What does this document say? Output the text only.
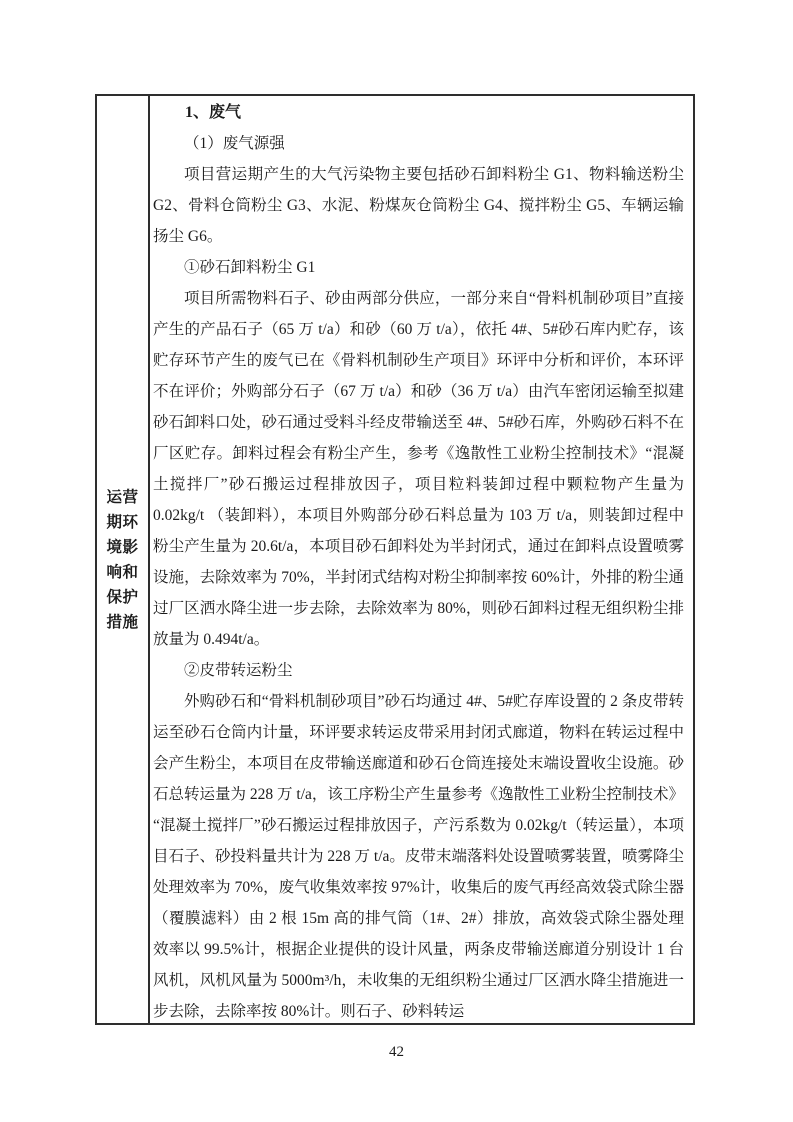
运营期环境影响和保护措施

1、废气

（1）废气源强

项目营运期产生的大气污染物主要包括砂石卸料粉尘 G1、物料输送粉尘 G2、骨料仓筒粉尘 G3、水泥、粉煤灰仓筒粉尘 G4、搅拌粉尘 G5、车辆运输扬尘 G6。

①砂石卸料粉尘 G1

项目所需物料石子、砂由两部分供应，一部分来自“骨料机制砂项目”直接产生的产品石子（65 万 t/a）和砂（60 万 t/a），依托 4#、5#砂石库内贮存，该贮存环节产生的废气已在《骨料机制砂生产项目》环评中分析和评价，本环评不在评价；外购部分石子（67 万 t/a）和砂（36 万 t/a）由汽车密闭运输至拟建砂石卸料口处，砂石通过受料斗经皮带输送至 4#、5#砂石库，外购砂石料不在厂区贮存。卸料过程会有粉尘产生，参考《逸散性工业粉尘控制技术》“混凝土搅拌厂”砂石搬运过程排放因子，项目粒料装卸过程中颗粒物产生量为 0.02kg/t （装卸料），本项目外购部分砂石料总量为 103 万 t/a，则装卸过程中粉尘产生量为 20.6t/a，本项目砂石卸料处为半封闭式，通过在卸料点设置喷雾设施，去除效率为 70%，半封闭式结构对粉尘抑制率按 60%计，外排的粉尘通过厂区洒水降尘进一步去除，去除效率为 80%，则砂石卸料过程无组织粉尘排放量为 0.494t/a。

②皮带转运粉尘

外购砂石和“骨料机制砂项目”砂石均通过 4#、5#贮存库设置的 2 条皮带转运至砂石仓筒内计量，环评要求转运皮带采用封闭式廊道，物料在转运过程中会产生粉尘，本项目在皮带输送廊道和砂石仓筒连接处末端设置收尘设施。砂石总转运量为 228 万 t/a，该工序粉尘产生量参考《逸散性工业粉尘控制技术》“混凝土搅拌厂”砂石搬运过程排放因子，产污系数为 0.02kg/t（转运量），本项目石子、砂投料量共计为 228 万 t/a。皮带末端落料处设置喷雾装置，喷雾降尘处理效率为 70%，废气收集效率按 97%计，收集后的废气再经高效袋式除尘器（覆膜滤料）由 2 根 15m 高的排气筒（1#、2#）排放，高效袋式除尘器处理效率以 99.5%计，根据企业提供的设计风量，两条皮带输送廊道分别设计 1 台风机，风机风量为 5000m³/h，未收集的无组织粉尘通过厂区洒水降尘措施进一步去除，去除率按 80%计。则石子、砂料转运

42
